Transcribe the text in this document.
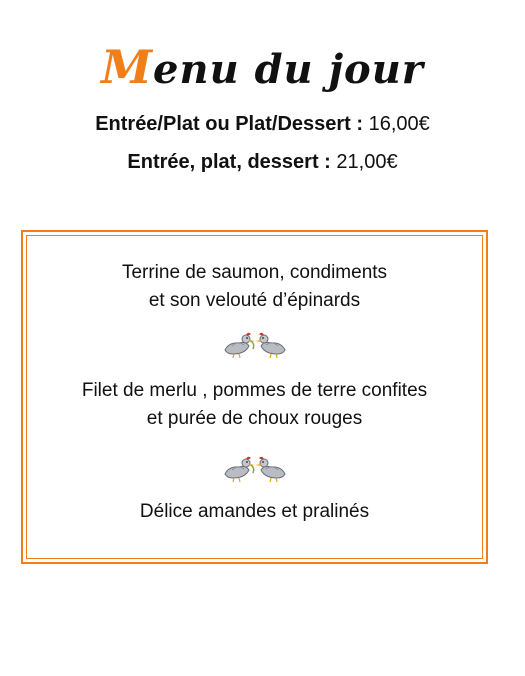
Menu du jour
Entrée/Plat ou Plat/Dessert : 16,00€
Entrée, plat, dessert : 21,00€
Terrine de saumon, condiments
et son velouté d’épinards
Filet de merlu , pommes de terre confites
et purée de choux rouges
Délice amandes et pralinés
